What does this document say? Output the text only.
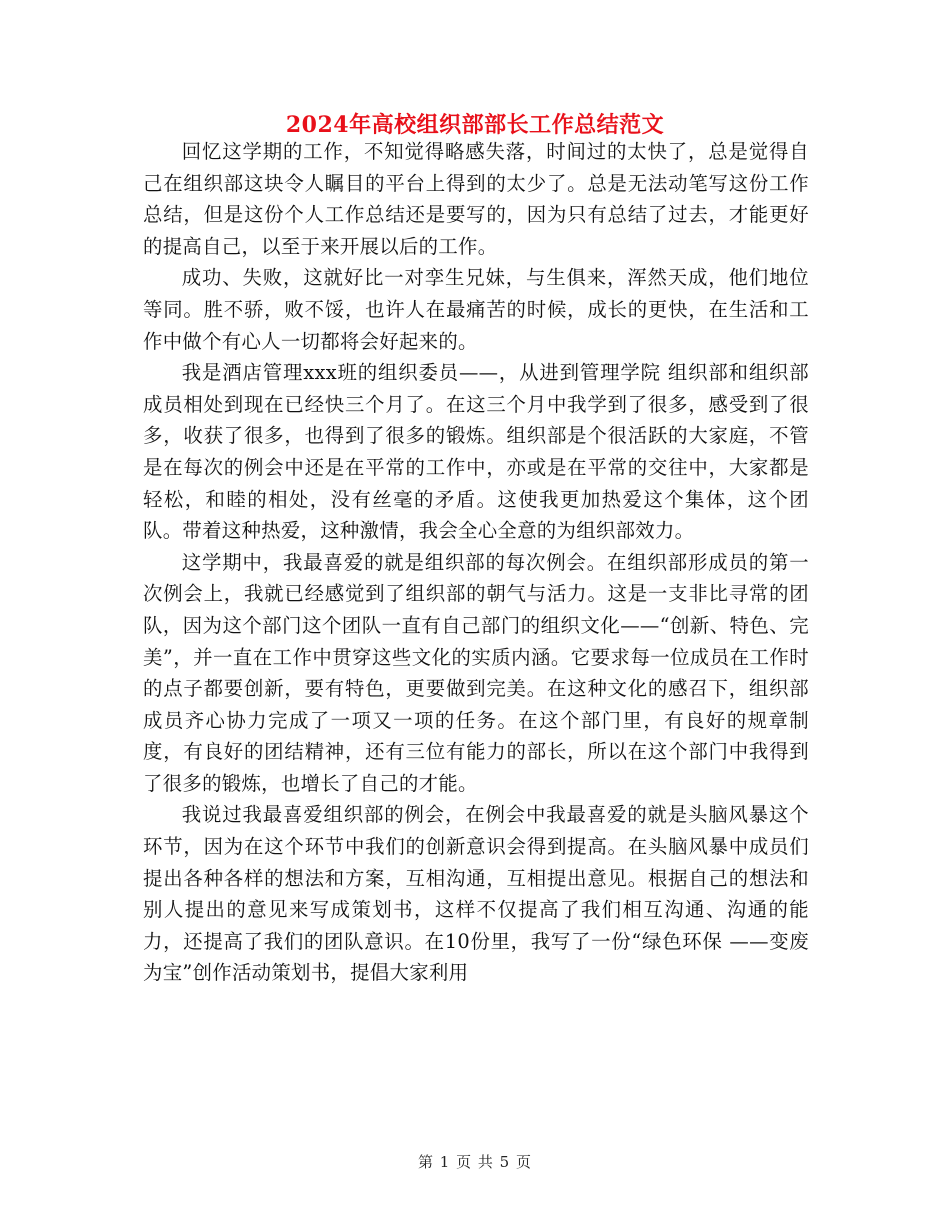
2024年高校组织部部长工作总结范文

回忆这学期的工作，不知觉得略感失落，时间过的太快了，总是觉得自己在组织部这块令人瞩目的平台上得到的太少了。总是无法动笔写这份工作总结，但是这份个人工作总结还是要写的，因为只有总结了过去，才能更好的提高自己，以至于来开展以后的工作。

成功、失败，这就好比一对孪生兄妹，与生俱来，浑然天成，他们地位等同。胜不骄，败不馁，也许人在最痛苦的时候，成长的更快，在生活和工作中做个有心人一切都将会好起来的。

我是酒店管理xxx班的组织委员——，从进到管理学院 组织部和组织部成员相处到现在已经快三个月了。在这三个月中我学到了很多，感受到了很多，收获了很多，也得到了很多的锻炼。组织部是个很活跃的大家庭，不管是在每次的例会中还是在平常的工作中，亦或是在平常的交往中，大家都是轻松，和睦的相处，没有丝毫的矛盾。这使我更加热爱这个集体，这个团队。带着这种热爱，这种激情，我会全心全意的为组织部效力。

这学期中，我最喜爱的就是组织部的每次例会。在组织部形成员的第一次例会上，我就已经感觉到了组织部的朝气与活力。这是一支非比寻常的团队，因为这个部门这个团队一直有自己部门的组织文化——“创新、特色、完美”，并一直在工作中贯穿这些文化的实质内涵。它要求每一位成员在工作时的点子都要创新，要有特色，更要做到完美。在这种文化的感召下，组织部成员齐心协力完成了一项又一项的任务。在这个部门里，有良好的规章制度，有良好的团结精神，还有三位有能力的部长，所以在这个部门中我得到了很多的锻炼，也增长了自己的才能。

我说过我最喜爱组织部的例会，在例会中我最喜爱的就是头脑风暴这个环节，因为在这个环节中我们的创新意识会得到提高。在头脑风暴中成员们提出各种各样的想法和方案，互相沟通，互相提出意见。根据自己的想法和别人提出的意见来写成策划书，这样不仅提高了我们相互沟通、沟通的能力，还提高了我们的团队意识。在10份里，我写了一份“绿色环保 ——变废为宝”创作活动策划书，提倡大家利用

第 1 页 共 5 页
